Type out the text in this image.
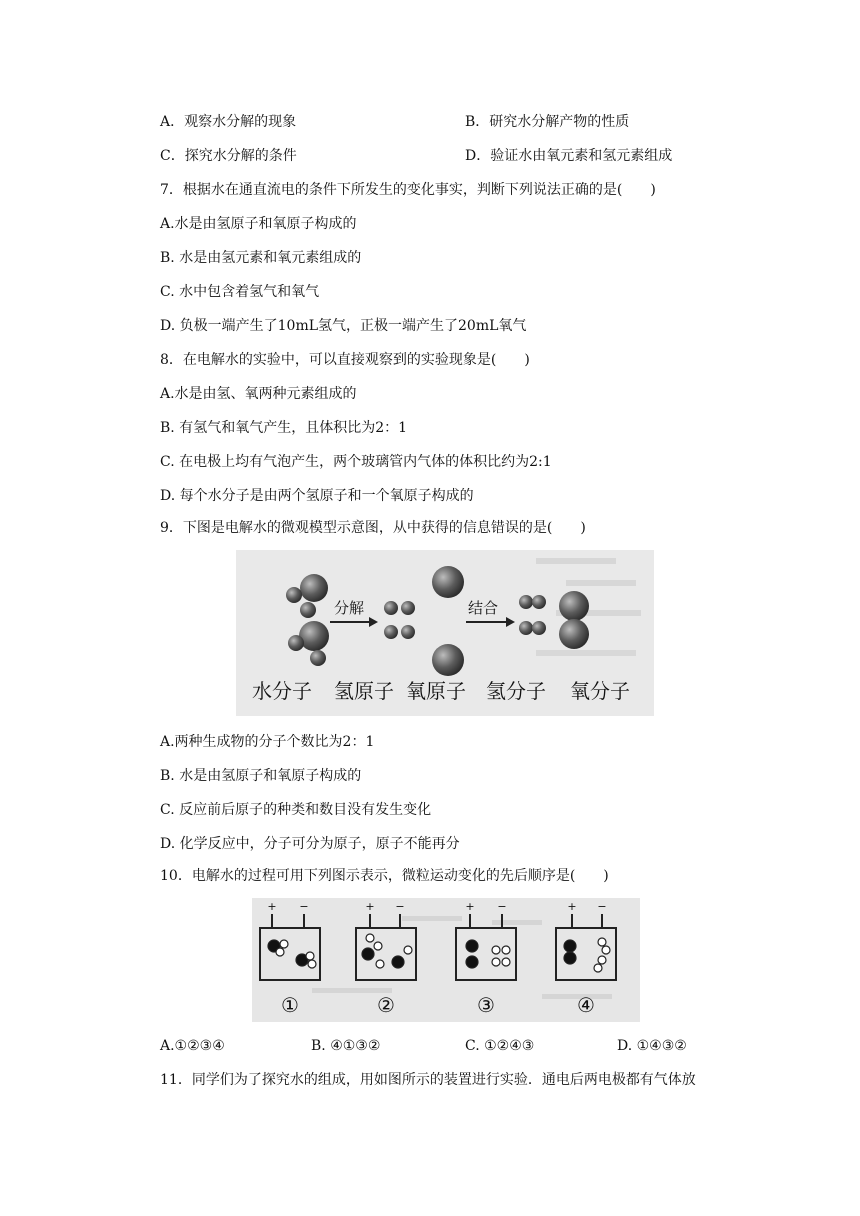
A．观察水分解的现象	B．研究水分解产物的性质
C．探究水分解的条件	D．验证水由氧元素和氢元素组成
7．根据水在通直流电的条件下所发生的变化事实，判断下列说法正确的是(　　)
A.水是由氢原子和氧原子构成的
B. 水是由氢元素和氧元素组成的
C. 水中包含着氢气和氧气
D. 负极一端产生了10mL氢气，正极一端产生了20mL氧气
8．在电解水的实验中，可以直接观察到的实验现象是(　　)
A.水是由氢、氧两种元素组成的
B. 有氢气和氧气产生，且体积比为2：1
C. 在电极上均有气泡产生，两个玻璃管内气体的体积比约为2:1
D. 每个水分子是由两个氢原子和一个氧原子构成的
9．下图是电解水的微观模型示意图，从中获得的信息错误的是(　　)
分解	结合
水分子 氢原子 氧原子 氢分子 氧分子
A.两种生成物的分子个数比为2：1
B. 水是由氢原子和氧原子构成的
C. 反应前后原子的种类和数目没有发生变化
D. 化学反应中，分子可分为原子，原子不能再分
10．电解水的过程可用下列图示表示，微粒运动变化的先后顺序是(　　)
+ −	+ −	+ −	+ −
①	②	③	④
A.①②③④	B. ④①③②	C. ①②④③	D. ①④③②
11．同学们为了探究水的组成，用如图所示的装置进行实验．通电后两电极都有气体放
